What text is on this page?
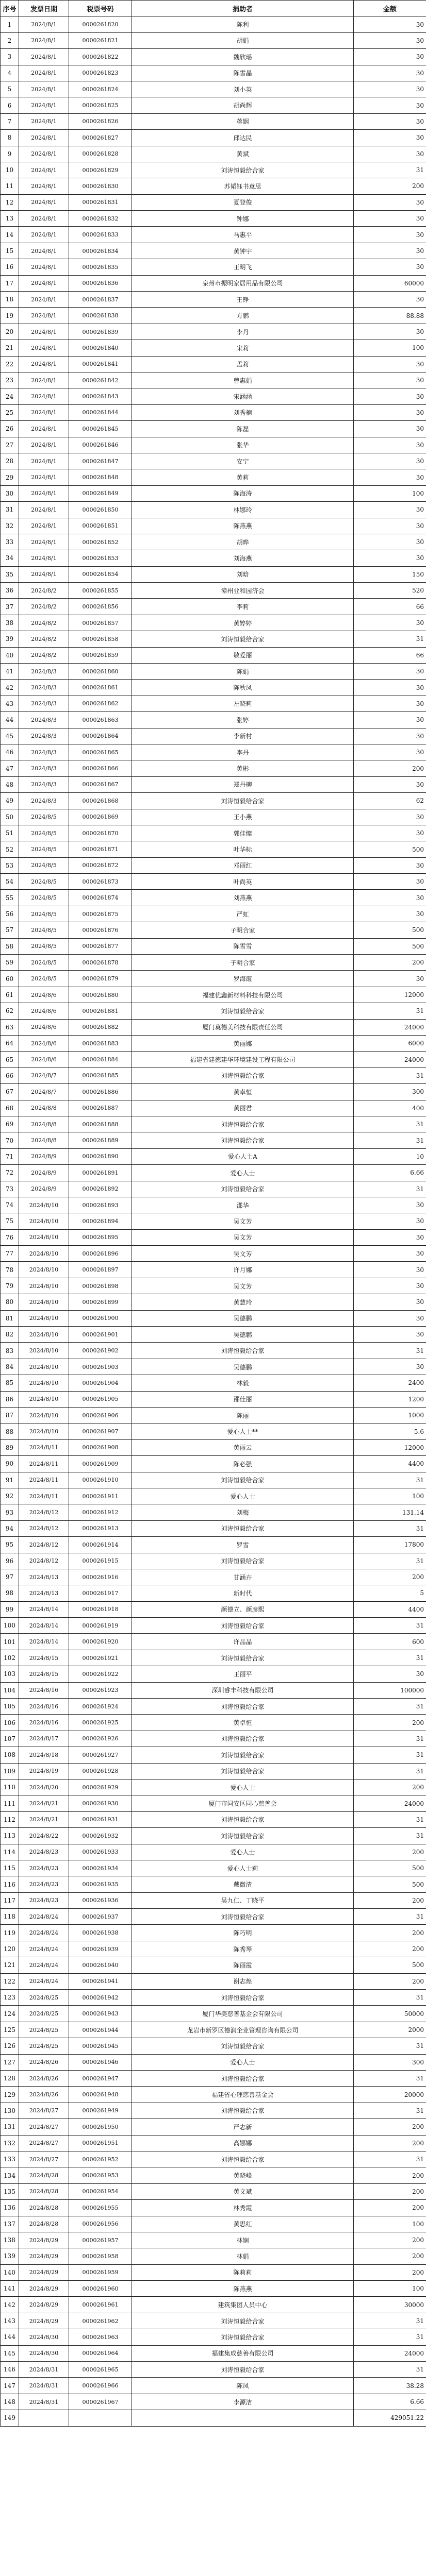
序号	发票日期	税票号码	捐助者	金额
1	2024/8/1	0000261820	陈利	30
2	2024/8/1	0000261821	胡娟	30
3	2024/8/1	0000261822	魏欣瑶	30
4	2024/8/1	0000261823	陈雪晶	30
5	2024/8/1	0000261824	刘小英	30
6	2024/8/1	0000261825	胡尚辉	30
7	2024/8/1	0000261826	蒋姻	30
8	2024/8/1	0000261827	邱达民	30
9	2024/8/1	0000261828	黄斌	30
10	2024/8/1	0000261829	刘涛恒毅给合家	31
11	2024/8/1	0000261830	苏韬钰书意思	200
12	2024/8/1	0000261831	夏登俊	30
13	2024/8/1	0000261832	钟娜	30
14	2024/8/1	0000261833	马惠平	30
15	2024/8/1	0000261834	黄钟宇	30
16	2024/8/1	0000261835	王明飞	30
17	2024/8/1	0000261836	泉州市振明家居用品有限公司	60000
18	2024/8/1	0000261837	王铮	30
19	2024/8/1	0000261838	方鹏	88.88
20	2024/8/1	0000261839	李丹	30
21	2024/8/1	0000261840	宋莉	100
22	2024/8/1	0000261841	孟莉	30
23	2024/8/1	0000261842	曾惠娟	30
24	2024/8/1	0000261843	宋涵涵	30
25	2024/8/1	0000261844	刘秀楠	30
26	2024/8/1	0000261845	陈磊	30
27	2024/8/1	0000261846	张华	30
28	2024/8/1	0000261847	安宁	30
29	2024/8/1	0000261848	黄莉	30
30	2024/8/1	0000261849	陈海涛	100
31	2024/8/1	0000261850	林娜玲	30
32	2024/8/1	0000261851	陈燕燕	30
33	2024/8/1	0000261852	胡晔	30
34	2024/8/1	0000261853	刘海燕	30
35	2024/8/1	0000261854	刘晗	150
36	2024/8/2	0000261855	漳州业和园济会	520
37	2024/8/2	0000261856	李莉	66
38	2024/8/2	0000261857	黄婷婷	30
39	2024/8/2	0000261858	刘涛恒毅给合家	31
40	2024/8/2	0000261859	敬爱丽	66
41	2024/8/3	0000261860	陈娟	30
42	2024/8/3	0000261861	陈秋凤	30
43	2024/8/3	0000261862	左晓莉	30
44	2024/8/3	0000261863	张婷	30
45	2024/8/3	0000261864	李新村	30
46	2024/8/3	0000261865	李丹	30
47	2024/8/3	0000261866	黄彬	200
48	2024/8/3	0000261867	郑丹柳	30
49	2024/8/3	0000261868	刘涛恒毅给合家	62
50	2024/8/5	0000261869	王小燕	30
51	2024/8/5	0000261870	郭佳燦	30
52	2024/8/5	0000261871	叶华标	500
53	2024/8/5	0000261872	邓丽红	30
54	2024/8/5	0000261873	叶尚英	30
55	2024/8/5	0000261874	刘燕燕	30
56	2024/8/5	0000261875	严虹	30
57	2024/8/5	0000261876	子明合家	500
58	2024/8/5	0000261877	陈雪雪	500
59	2024/8/5	0000261878	子明合家	200
60	2024/8/5	0000261879	罗海霞	30
61	2024/8/6	0000261880	福建优鑫新材料科技有限公司	12000
62	2024/8/6	0000261881	刘涛恒毅给合家	31
63	2024/8/6	0000261882	厦门莫德美科技有限责任公司	24000
64	2024/8/6	0000261883	黄丽娜	6000
65	2024/8/6	0000261884	福建省建德建华环境建设工程有限公司	24000
66	2024/8/7	0000261885	刘涛恒毅给合家	31
67	2024/8/7	0000261886	黄卓恒	300
68	2024/8/8	0000261887	黄丽君	400
69	2024/8/8	0000261888	刘涛恒毅给合家	31
70	2024/8/8	0000261889	刘涛恒毅给合家	31
71	2024/8/9	0000261890	爱心人士A	10
72	2024/8/9	0000261891	爱心人士	6.66
73	2024/8/9	0000261892	刘涛恒毅给合家	31
74	2024/8/10	0000261893	邵华	30
75	2024/8/10	0000261894	吴文芳	30
76	2024/8/10	0000261895	吴文芳	30
77	2024/8/10	0000261896	吴文芳	30
78	2024/8/10	0000261897	许月娜	30
79	2024/8/10	0000261898	吴文芳	30
80	2024/8/10	0000261899	黄慧玲	30
81	2024/8/10	0000261900	吴德鹏	30
82	2024/8/10	0000261901	吴德鹏	30
83	2024/8/10	0000261902	刘涛恒毅给合家	31
84	2024/8/10	0000261903	吴德鹏	30
85	2024/8/10	0000261904	林毅	2400
86	2024/8/10	0000261905	邵佳丽	1200
87	2024/8/10	0000261906	陈丽	1000
88	2024/8/10	0000261907	爱心人士**	5.6
89	2024/8/11	0000261908	黄丽云	12000
90	2024/8/11	0000261909	陈必强	4400
91	2024/8/11	0000261910	刘涛恒毅给合家	31
92	2024/8/11	0000261911	爱心人士	100
93	2024/8/12	0000261912	刘梅	131.14
94	2024/8/12	0000261913	刘涛恒毅给合家	31
95	2024/8/12	0000261914	罗雪	17800
96	2024/8/12	0000261915	刘涛恒毅给合家	31
97	2024/8/13	0000261916	甘涵卉	200
98	2024/8/13	0000261917	新时代	5
99	2024/8/14	0000261918	颜德立、颜彦熙	4400
100	2024/8/14	0000261919	刘涛恒毅给合家	31
101	2024/8/14	0000261920	许晶晶	600
102	2024/8/15	0000261921	刘涛恒毅给合家	31
103	2024/8/15	0000261922	王丽平	30
104	2024/8/16	0000261923	深圳睿丰科技有限公司	100000
105	2024/8/16	0000261924	刘涛恒毅给合家	31
106	2024/8/16	0000261925	黄卓恒	200
107	2024/8/17	0000261926	刘涛恒毅给合家	31
108	2024/8/18	0000261927	刘涛恒毅给合家	31
109	2024/8/19	0000261928	刘涛恒毅给合家	31
110	2024/8/20	0000261929	爱心人士	200
111	2024/8/21	0000261930	厦门市同安区同心慈善会	24000
112	2024/8/21	0000261931	刘涛恒毅给合家	31
113	2024/8/22	0000261932	刘涛恒毅给合家	31
114	2024/8/23	0000261933	爱心人士	200
115	2024/8/23	0000261934	爱心人士莉	500
116	2024/8/23	0000261935	戴微清	500
117	2024/8/23	0000261936	吴九仁、丁晓平	200
118	2024/8/24	0000261937	刘涛恒毅给合家	31
119	2024/8/24	0000261938	陈巧明	200
120	2024/8/24	0000261939	陈秀琴	200
121	2024/8/24	0000261940	陈丽霞	500
122	2024/8/24	0000261941	谢志煌	200
123	2024/8/25	0000261942	刘涛恒毅给合家	31
124	2024/8/25	0000261943	厦门华美慈善基金会有限公司	50000
125	2024/8/25	0000261944	龙岩市新罗区德润企业管理咨询有限公司	2000
126	2024/8/25	0000261945	刘涛恒毅给合家	31
127	2024/8/26	0000261946	爱心人士	300
128	2024/8/26	0000261947	刘涛恒毅给合家	31
129	2024/8/26	0000261948	福建省心理慈善基金会	20000
130	2024/8/27	0000261949	刘涛恒毅给合家	31
131	2024/8/27	0000261950	严志新	200
132	2024/8/27	0000261951	高娜娜	200
133	2024/8/27	0000261952	刘涛恒毅给合家	31
134	2024/8/28	0000261953	黄晓峰	200
135	2024/8/28	0000261954	黄文斌	200
136	2024/8/28	0000261955	林秀霞	200
137	2024/8/28	0000261956	黄思红	100
138	2024/8/29	0000261957	林娴	200
139	2024/8/29	0000261958	林娟	200
140	2024/8/29	0000261959	陈莉莉	200
141	2024/8/29	0000261960	陈燕燕	100
142	2024/8/29	0000261961	建筑集团人员中心	30000
143	2024/8/29	0000261962	刘涛恒毅给合家	31
144	2024/8/30	0000261963	刘涛恒毅给合家	31
145	2024/8/30	0000261964	福建集成慈善有限公司	24000
146	2024/8/31	0000261965	刘涛恒毅给合家	31
147	2024/8/31	0000261966	陈凤	38.28
148	2024/8/31	0000261967	李源洁	6.66
149				429051.22
